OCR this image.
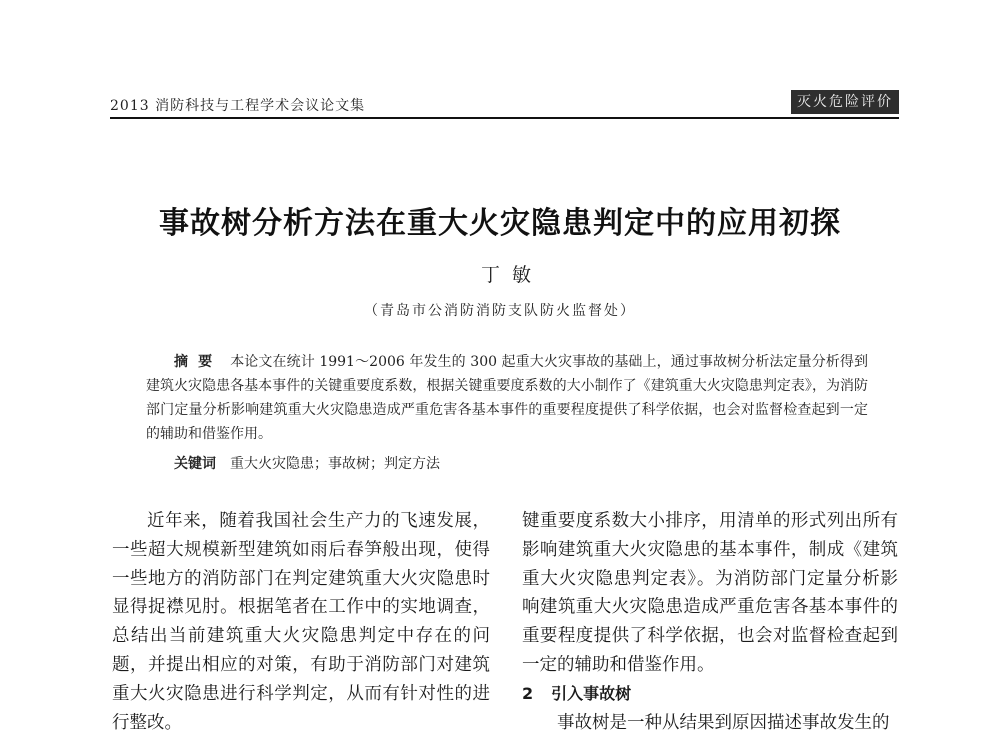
2013 消防科技与工程学术会议论文集	灭火危险评价
事故树分析方法在重大火灾隐患判定中的应用初探
丁敏
（青岛市公消防消防支队防火监督处）
摘要 本论文在统计 1991～2006 年发生的 300 起重大火灾事故的基础上，通过事故树分析法定量分析得到建筑火灾隐患各基本事件的关键重要度系数，根据关键重要度系数的大小制作了《建筑重大火灾隐患判定表》，为消防部门定量分析影响建筑重大火灾隐患造成严重危害各基本事件的重要程度提供了科学依据，也会对监督检查起到一定的辅助和借鉴作用。
关键词 重大火灾隐患；事故树；判定方法

近年来，随着我国社会生产力的飞速发展，一些超大规模新型建筑如雨后春笋般出现，使得一些地方的消防部门在判定建筑重大火灾隐患时显得捉襟见肘。根据笔者在工作中的实地调查，总结出当前建筑重大火灾隐患判定中存在的问题，并提出相应的对策，有助于消防部门对建筑重大火灾隐患进行科学判定，从而有针对性的进行整改。

键重要度系数大小排序，用清单的形式列出所有影响建筑重大火灾隐患的基本事件，制成《建筑重大火灾隐患判定表》。为消防部门定量分析影响建筑重大火灾隐患造成严重危害各基本事件的重要程度提供了科学依据，也会对监督检查起到一定的辅助和借鉴作用。

2 引入事故树

事故树是一种从结果到原因描述事故发生的
